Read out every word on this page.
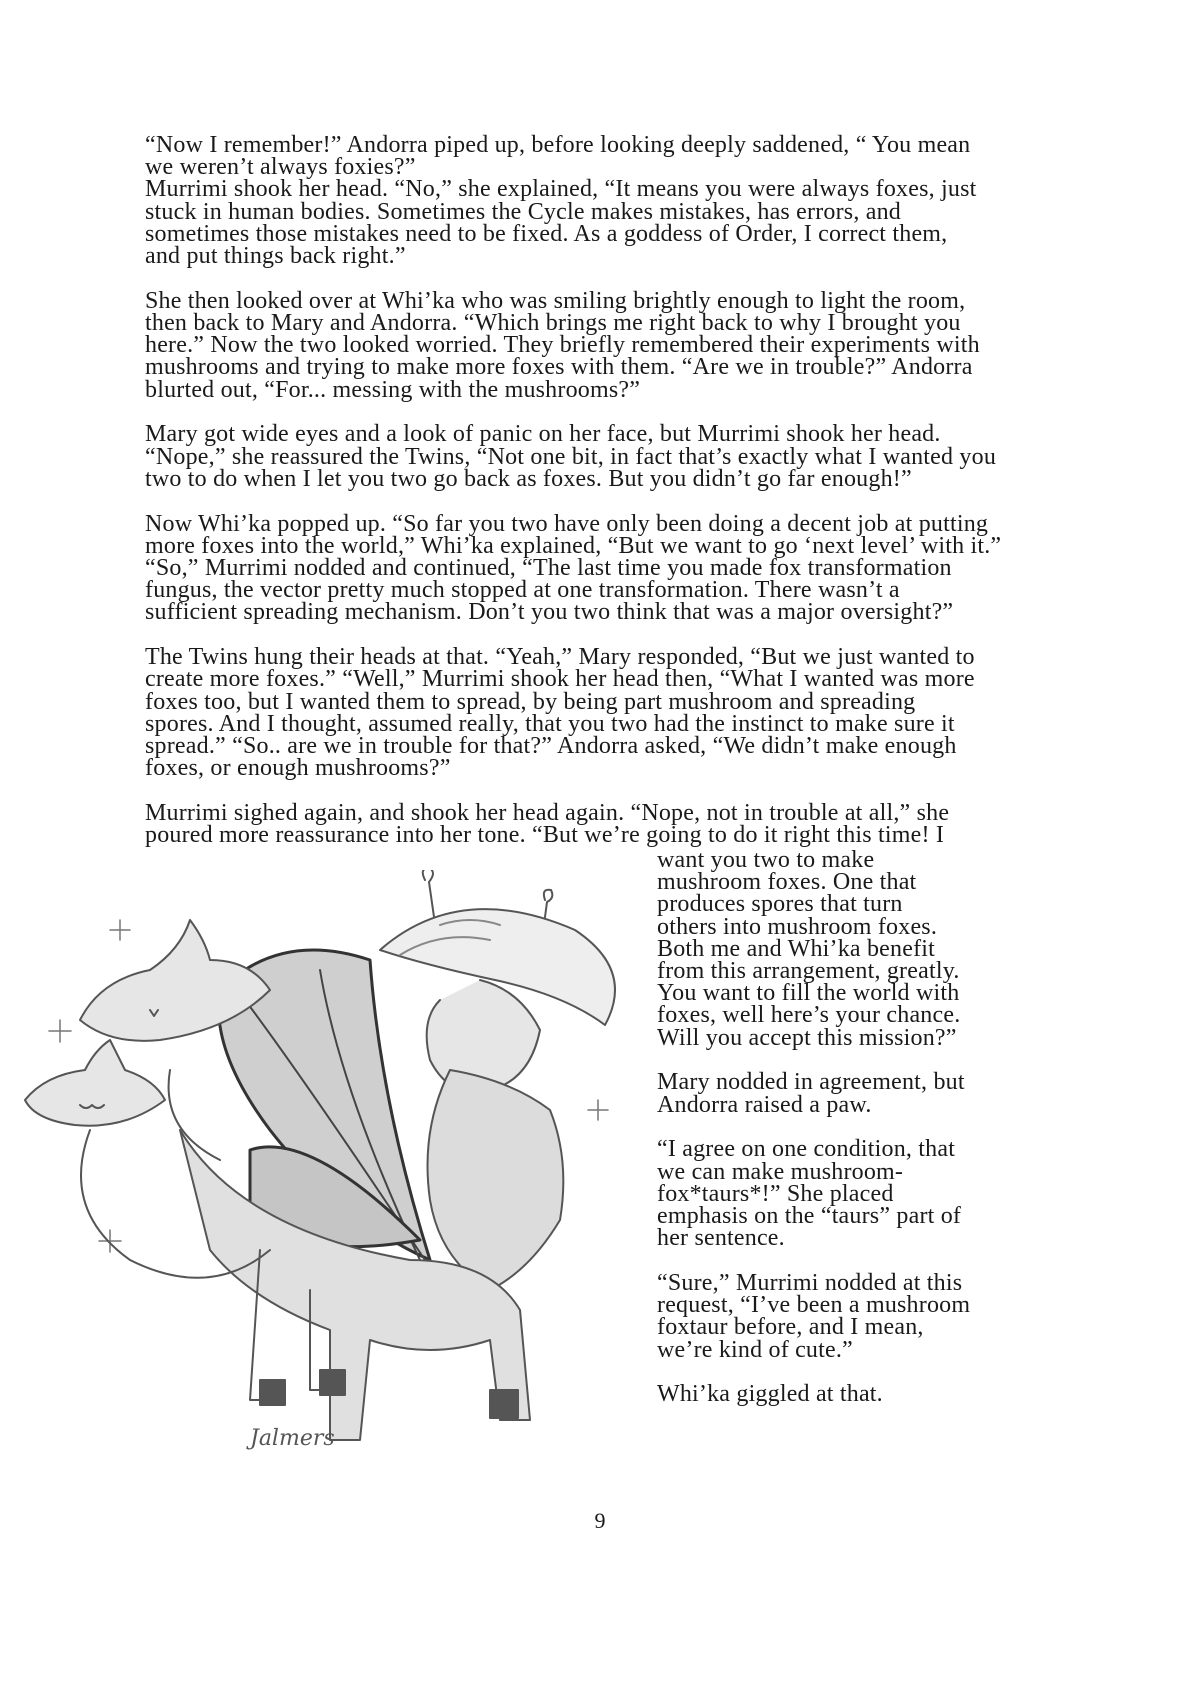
“Now I remember!” Andorra piped up, before looking deeply saddened, “ You mean
we weren’t always foxies?”
Murrimi shook her head. “No,” she explained, “It means you were always foxes, just
stuck in human bodies. Sometimes the Cycle makes mistakes, has errors, and
sometimes those mistakes need to be fixed. As a goddess of Order, I correct them,
and put things back right.”
She then looked over at Whi’ka who was smiling brightly enough to light the room,
then back to Mary and Andorra. “Which brings me right back to why I brought you
here.” Now the two looked worried. They briefly remembered their experiments with
mushrooms and trying to make more foxes with them. “Are we in trouble?” Andorra
blurted out, “For... messing with the mushrooms?”
Mary got wide eyes and a look of panic on her face, but Murrimi shook her head.
“Nope,” she reassured the Twins, “Not one bit, in fact that’s exactly what I wanted you
two to do when I let you two go back as foxes. But you didn’t go far enough!”
Now Whi’ka popped up. “So far you two have only been doing a decent job at putting
more foxes into the world,” Whi’ka explained, “But we want to go ‘next level’ with it.”
“So,” Murrimi nodded and continued, “The last time you made fox transformation
fungus, the vector pretty much stopped at one transformation. There wasn’t a
sufficient spreading mechanism. Don’t you two think that was a major oversight?”
The Twins hung their heads at that. “Yeah,” Mary responded, “But we just wanted to
create more foxes.” “Well,” Murrimi shook her head then, “What I wanted was more
foxes too, but I wanted them to spread, by being part mushroom and spreading
spores. And I thought, assumed really, that you two had the instinct to make sure it
spread.” “So.. are we in trouble for that?” Andorra asked, “We didn’t make enough
foxes, or enough mushrooms?”
Murrimi sighed again, and shook her head again. “Nope, not in trouble at all,” she
poured more reassurance into her tone. “But we’re going to do it right this time! I
want you two to make
mushroom foxes. One that
produces spores that turn
others into mushroom foxes.
Both me and Whi’ka benefit
from this arrangement, greatly.
You want to fill the world with
foxes, well here’s your chance.
Will you accept this mission?”
Mary nodded in agreement, but
Andorra raised a paw.
“I agree on one condition, that
we can make mushroom-
fox*taurs*!” She placed
emphasis on the “taurs” part of
her sentence.
“Sure,” Murrimi nodded at this
request, “I’ve been a mushroom
foxtaur before, and I mean,
we’re kind of cute.”
Whi’ka giggled at that.
Jalmers
9
